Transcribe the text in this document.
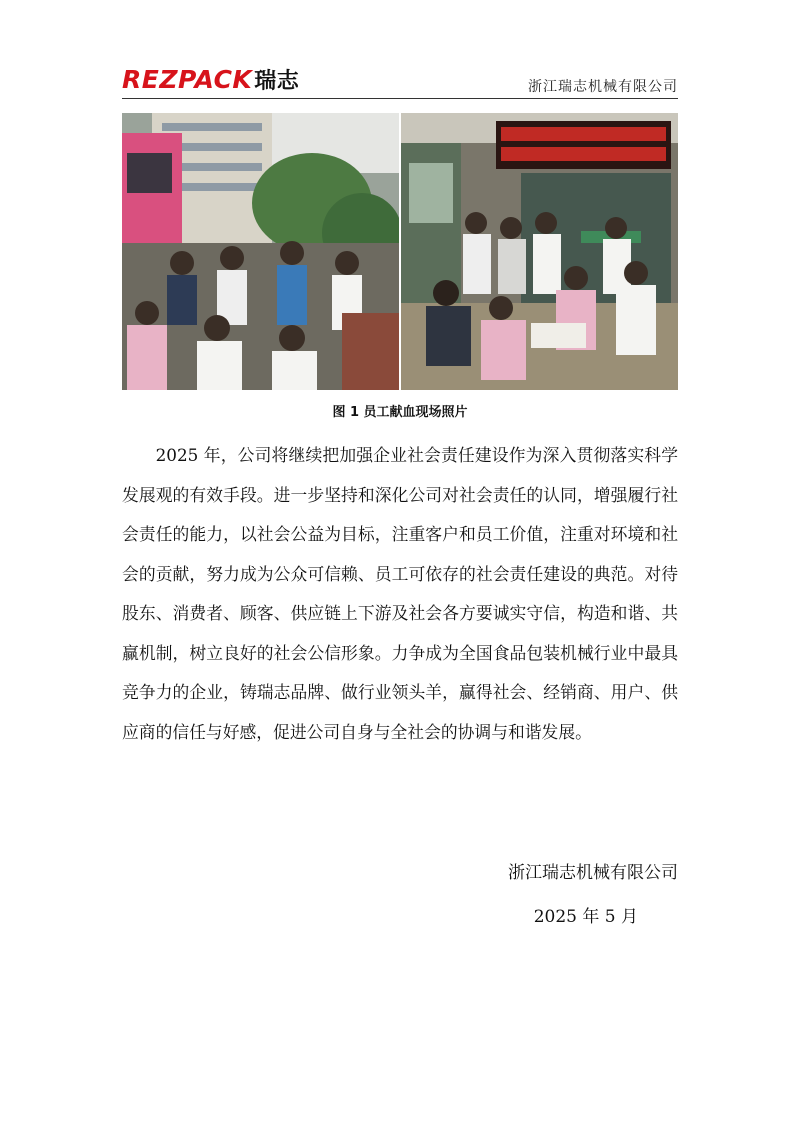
REZPACK瑞志	浙江瑞志机械有限公司
图 1 员工献血现场照片

2025 年，公司将继续把加强企业社会责任建设作为深入贯彻落实科学发展观的有效手段。进一步坚持和深化公司对社会责任的认同，增强履行社会责任的能力，以社会公益为目标，注重客户和员工价值，注重对环境和社会的贡献，努力成为公众可信赖、员工可依存的社会责任建设的典范。对待股东、消费者、顾客、供应链上下游及社会各方要诚实守信，构造和谐、共赢机制，树立良好的社会公信形象。力争成为全国食品包装机械行业中最具竞争力的企业，铸瑞志品牌、做行业领头羊，赢得社会、经销商、用户、供应商的信任与好感，促进公司自身与全社会的协调与和谐发展。

浙江瑞志机械有限公司
2025 年 5 月
